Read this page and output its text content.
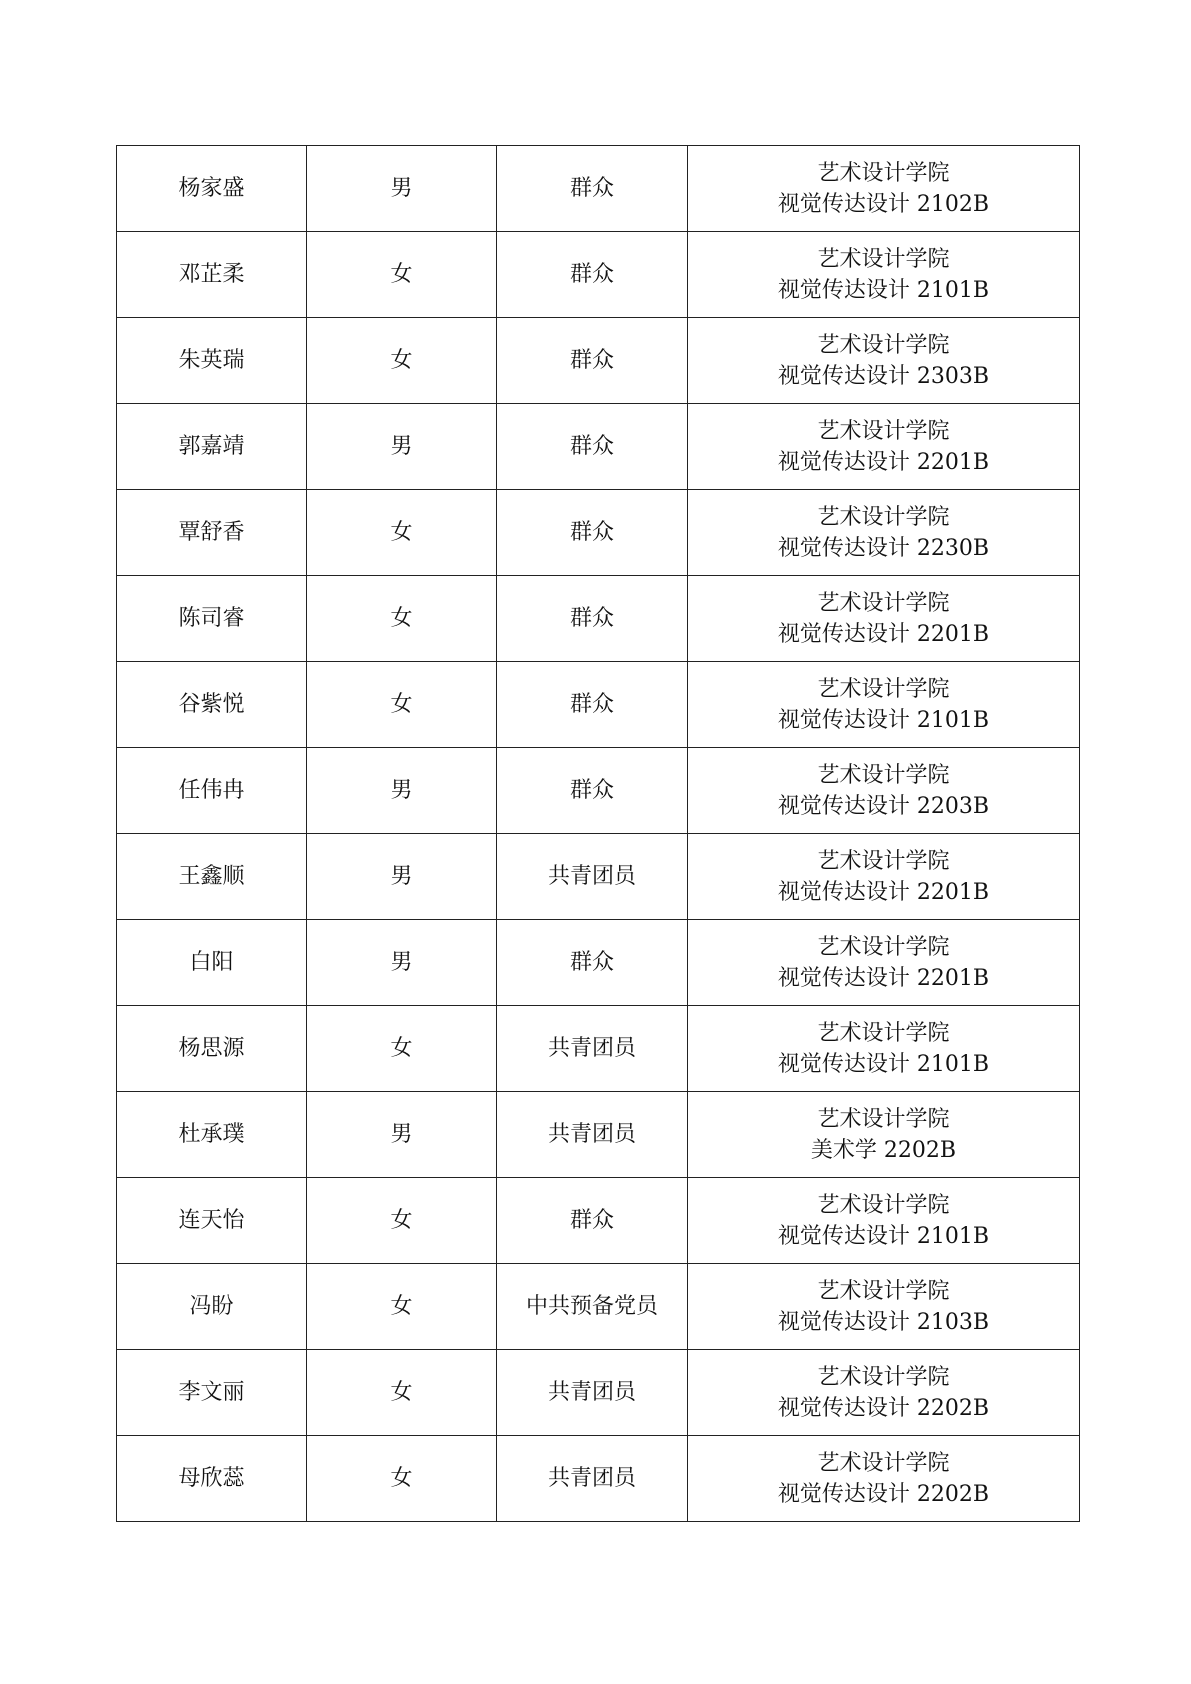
杨家盛	男	群众	艺术设计学院
视觉传达设计 2102B

邓芷柔	女	群众	艺术设计学院
视觉传达设计 2101B

朱英瑞	女	群众	艺术设计学院
视觉传达设计 2303B

郭嘉靖	男	群众	艺术设计学院
视觉传达设计 2201B

覃舒香	女	群众	艺术设计学院
视觉传达设计 2230B

陈司睿	女	群众	艺术设计学院
视觉传达设计 2201B

谷紫悦	女	群众	艺术设计学院
视觉传达设计 2101B

任伟冉	男	群众	艺术设计学院
视觉传达设计 2203B

王鑫顺	男	共青团员	艺术设计学院
视觉传达设计 2201B

白阳	男	群众	艺术设计学院
视觉传达设计 2201B

杨思源	女	共青团员	艺术设计学院
视觉传达设计 2101B

杜承璞	男	共青团员	艺术设计学院
美术学 2202B

连天怡	女	群众	艺术设计学院
视觉传达设计 2101B

冯盼	女	中共预备党员	艺术设计学院
视觉传达设计 2103B

李文丽	女	共青团员	艺术设计学院
视觉传达设计 2202B

母欣蕊	女	共青团员	艺术设计学院
视觉传达设计 2202B
